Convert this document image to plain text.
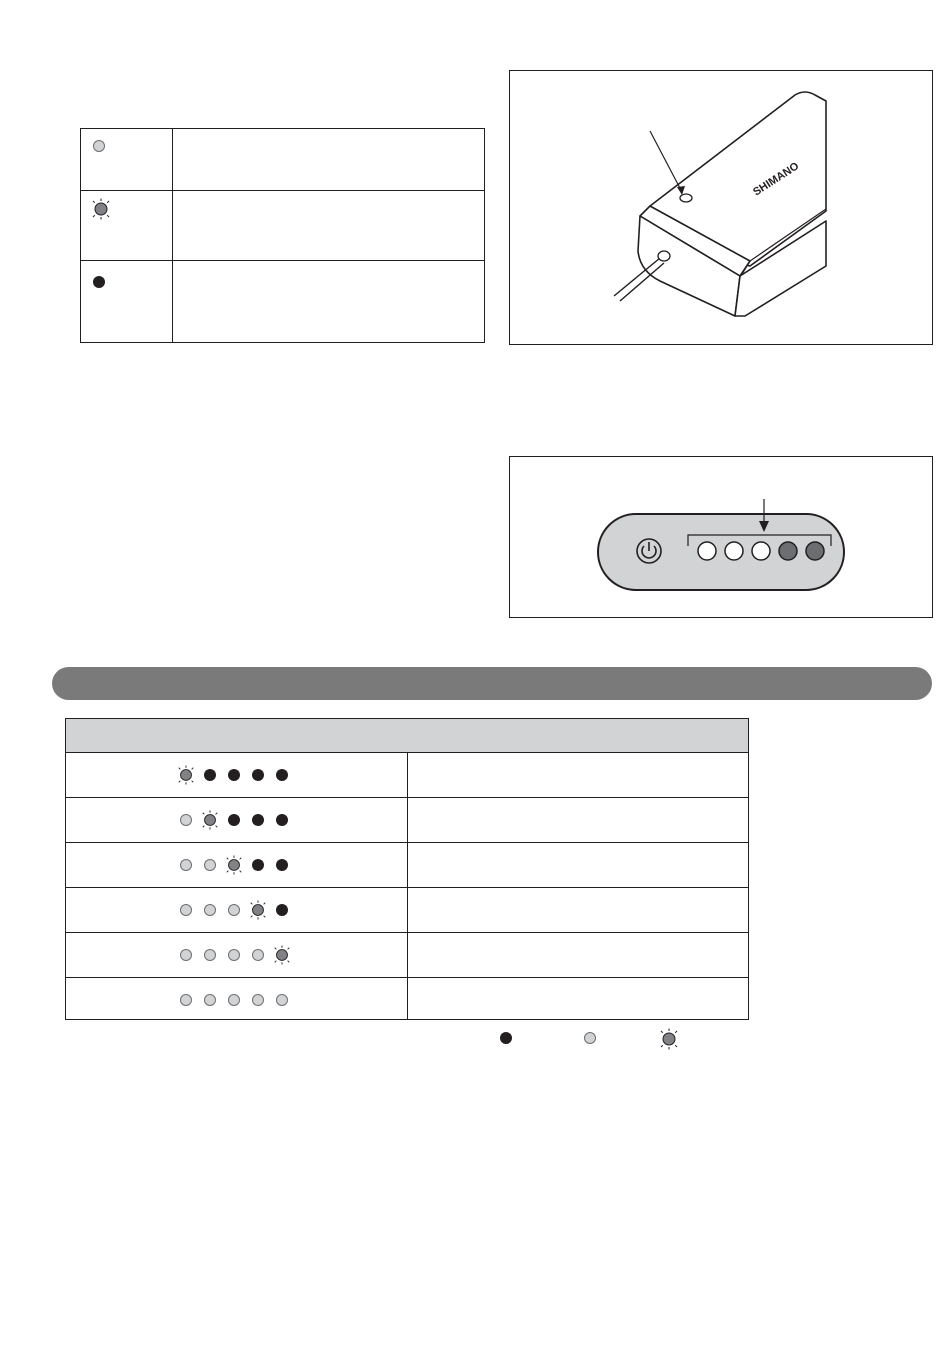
SHIMANO
